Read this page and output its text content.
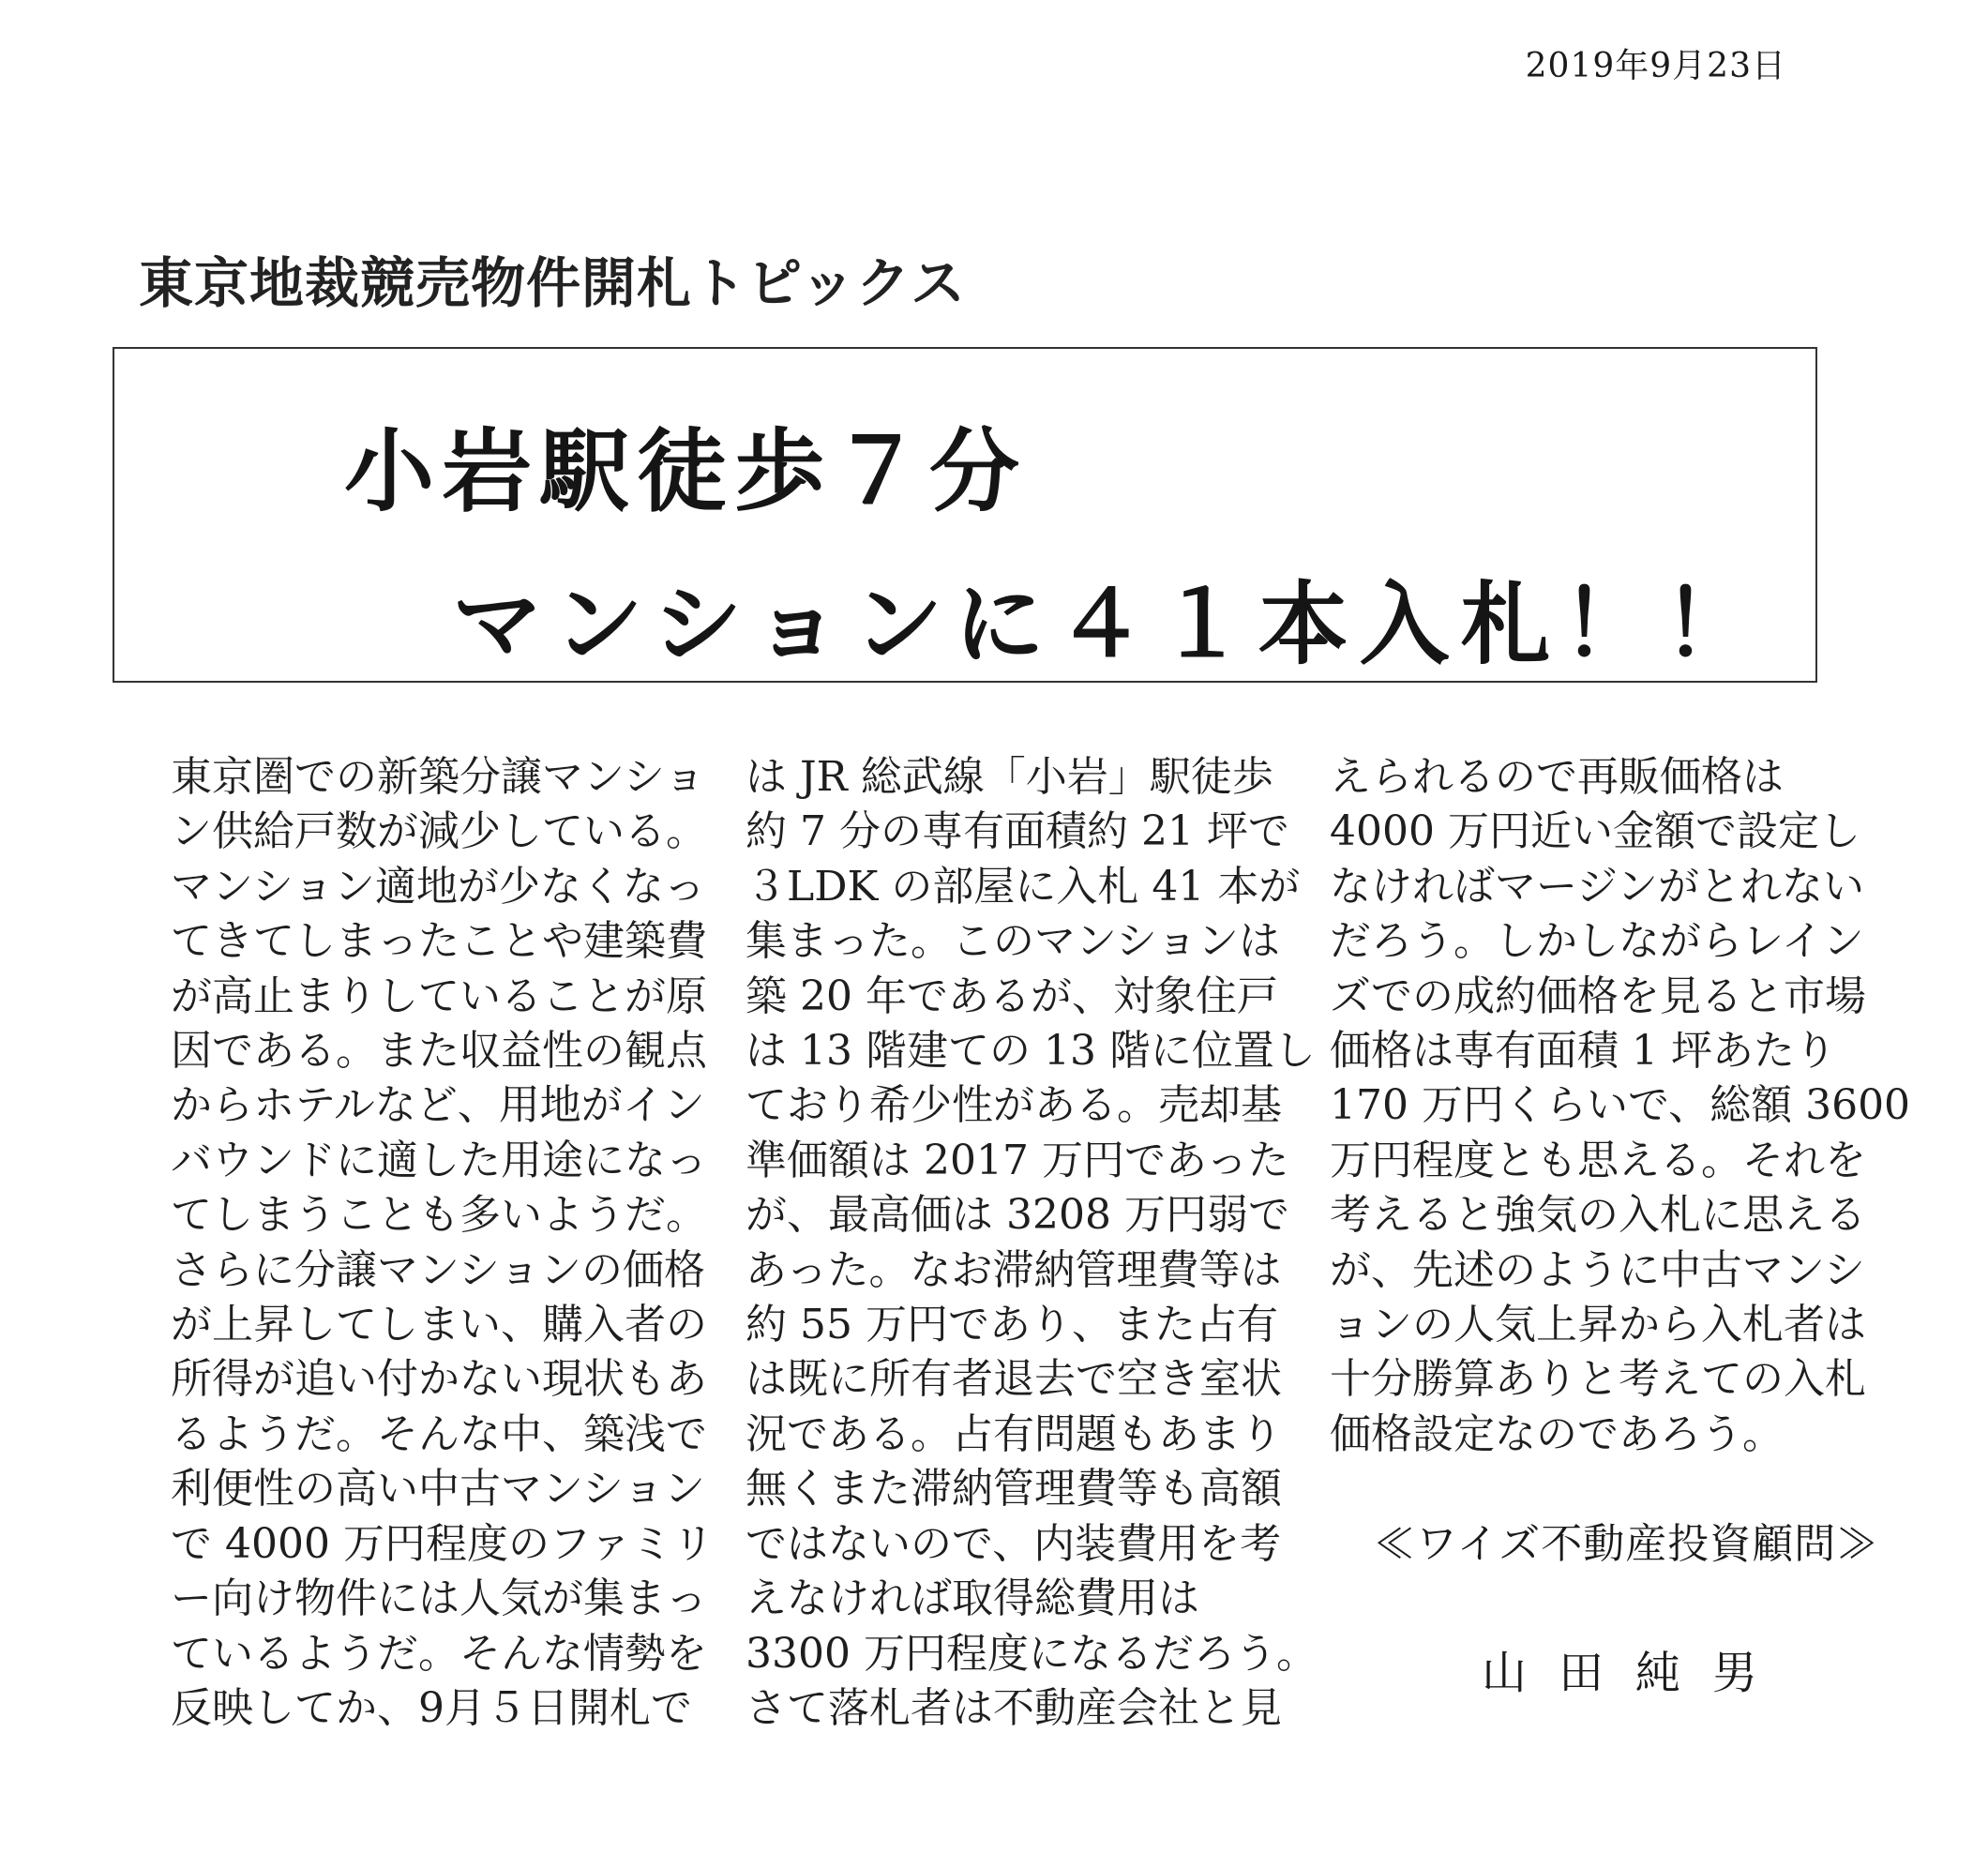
2019年9月23日
東京地裁競売物件開札トピックス
小岩駅徒歩７分
マンションに４１本入札！！
東京圏での新築分譲マンショ
ン供給戸数が減少している。
マンション適地が少なくなっ
てきてしまったことや建築費
が高止まりしていることが原
因である。また収益性の観点
からホテルなど、用地がイン
バウンドに適した用途になっ
てしまうことも多いようだ。
さらに分譲マンションの価格
が上昇してしまい、購入者の
所得が追い付かない現状もあ
るようだ。そんな中、築浅で
利便性の高い中古マンション
で 4000 万円程度のファミリ
ー向け物件には人気が集まっ
ているようだ。そんな情勢を
反映してか、9月５日開札で
は JR 総武線「小岩」駅徒歩
約 7 分の専有面積約 21 坪で
３LDK の部屋に入札 41 本が
集まった。このマンションは
築 20 年であるが、対象住戸
は 13 階建ての 13 階に位置し
ており希少性がある。売却基
準価額は 2017 万円であった
が、最高価は 3208 万円弱で
あった。なお滞納管理費等は
約 55 万円であり、また占有
は既に所有者退去で空き室状
況である。占有問題もあまり
無くまた滞納管理費等も高額
ではないので、内装費用を考
えなければ取得総費用は
3300 万円程度になるだろう。
さて落札者は不動産会社と見
えられるので再販価格は
4000 万円近い金額で設定し
なければマージンがとれない
だろう。しかしながらレイン
ズでの成約価格を見ると市場
価格は専有面積 1 坪あたり
170 万円くらいで、総額 3600
万円程度とも思える。それを
考えると強気の入札に思える
が、先述のように中古マンシ
ョンの人気上昇から入札者は
十分勝算ありと考えての入札
価格設定なのであろう。
≪ワイズ不動産投資顧問≫
山田純男
